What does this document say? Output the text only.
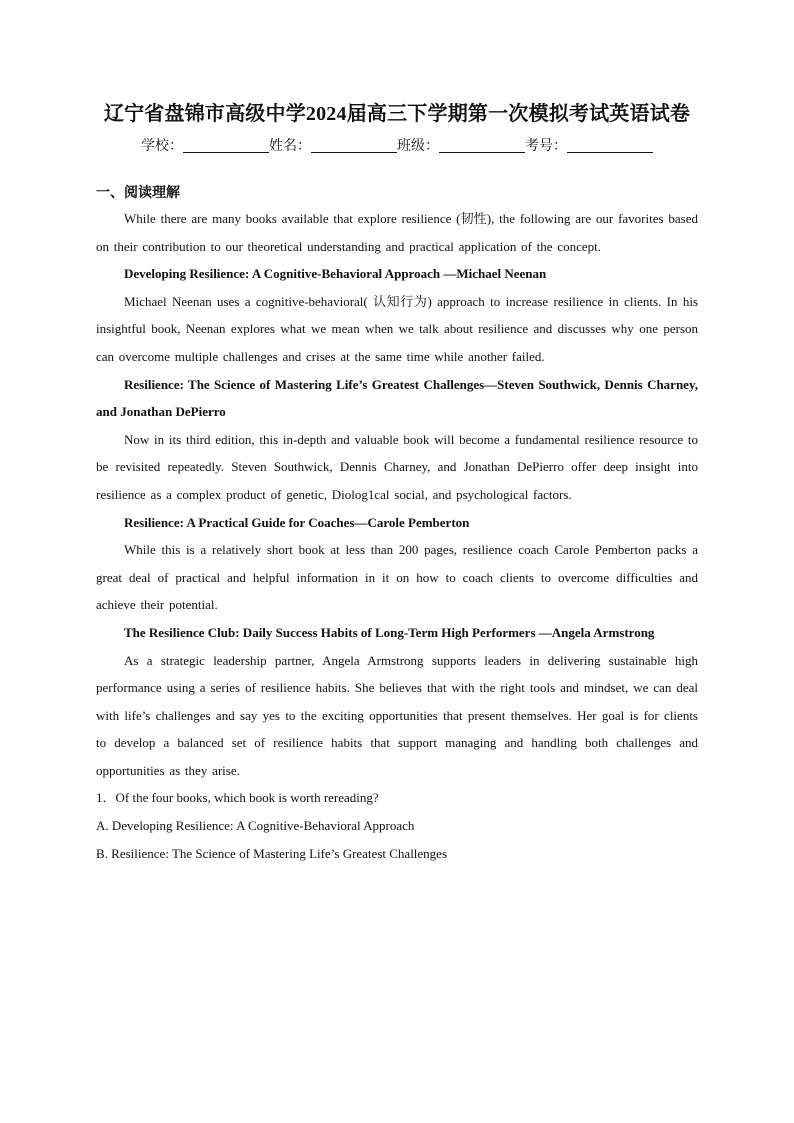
辽宁省盘锦市高级中学2024届高三下学期第一次模拟考试英语试卷
学校：	姓名：	班级：	考号：
一、阅读理解

While there are many books available that explore resilience (韧性), the following are our favorites based on their contribution to our theoretical understanding and practical application of the concept.

Developing Resilience: A Cognitive-Behavioral Approach —Michael Neenan

Michael Neenan uses a cognitive-behavioral( 认知行为) approach to increase resilience in clients. In his insightful book, Neenan explores what we mean when we talk about resilience and discusses why one person can overcome multiple challenges and crises at the same time while another failed.

Resilience: The Science of Mastering Life’s Greatest Challenges—Steven Southwick, Dennis Charney, and Jonathan DePierro

Now in its third edition, this in-depth and valuable book will become a fundamental resilience resource to be revisited repeatedly. Steven Southwick, Dennis Charney, and Jonathan DePierro offer deep insight into resilience as a complex product of genetic, Diolog1cal social, and psychological factors.

Resilience: A Practical Guide for Coaches—Carole Pemberton

While this is a relatively short book at less than 200 pages, resilience coach Carole Pemberton packs a great deal of practical and helpful information in it on how to coach clients to overcome difficulties and achieve their potential.

The Resilience Club: Daily Success Habits of Long-Term High Performers —Angela Armstrong

As a strategic leadership partner, Angela Armstrong supports leaders in delivering sustainable high performance using a series of resilience habits. She believes that with the right tools and mindset, we can deal with life’s challenges and say yes to the exciting opportunities that present themselves. Her goal is for clients to develop a balanced set of resilience habits that support managing and handling both challenges and opportunities as they arise.

1．Of the four books, which book is worth rereading?

A. Developing Resilience: A Cognitive-Behavioral Approach

B. Resilience: The Science of Mastering Life’s Greatest Challenges
